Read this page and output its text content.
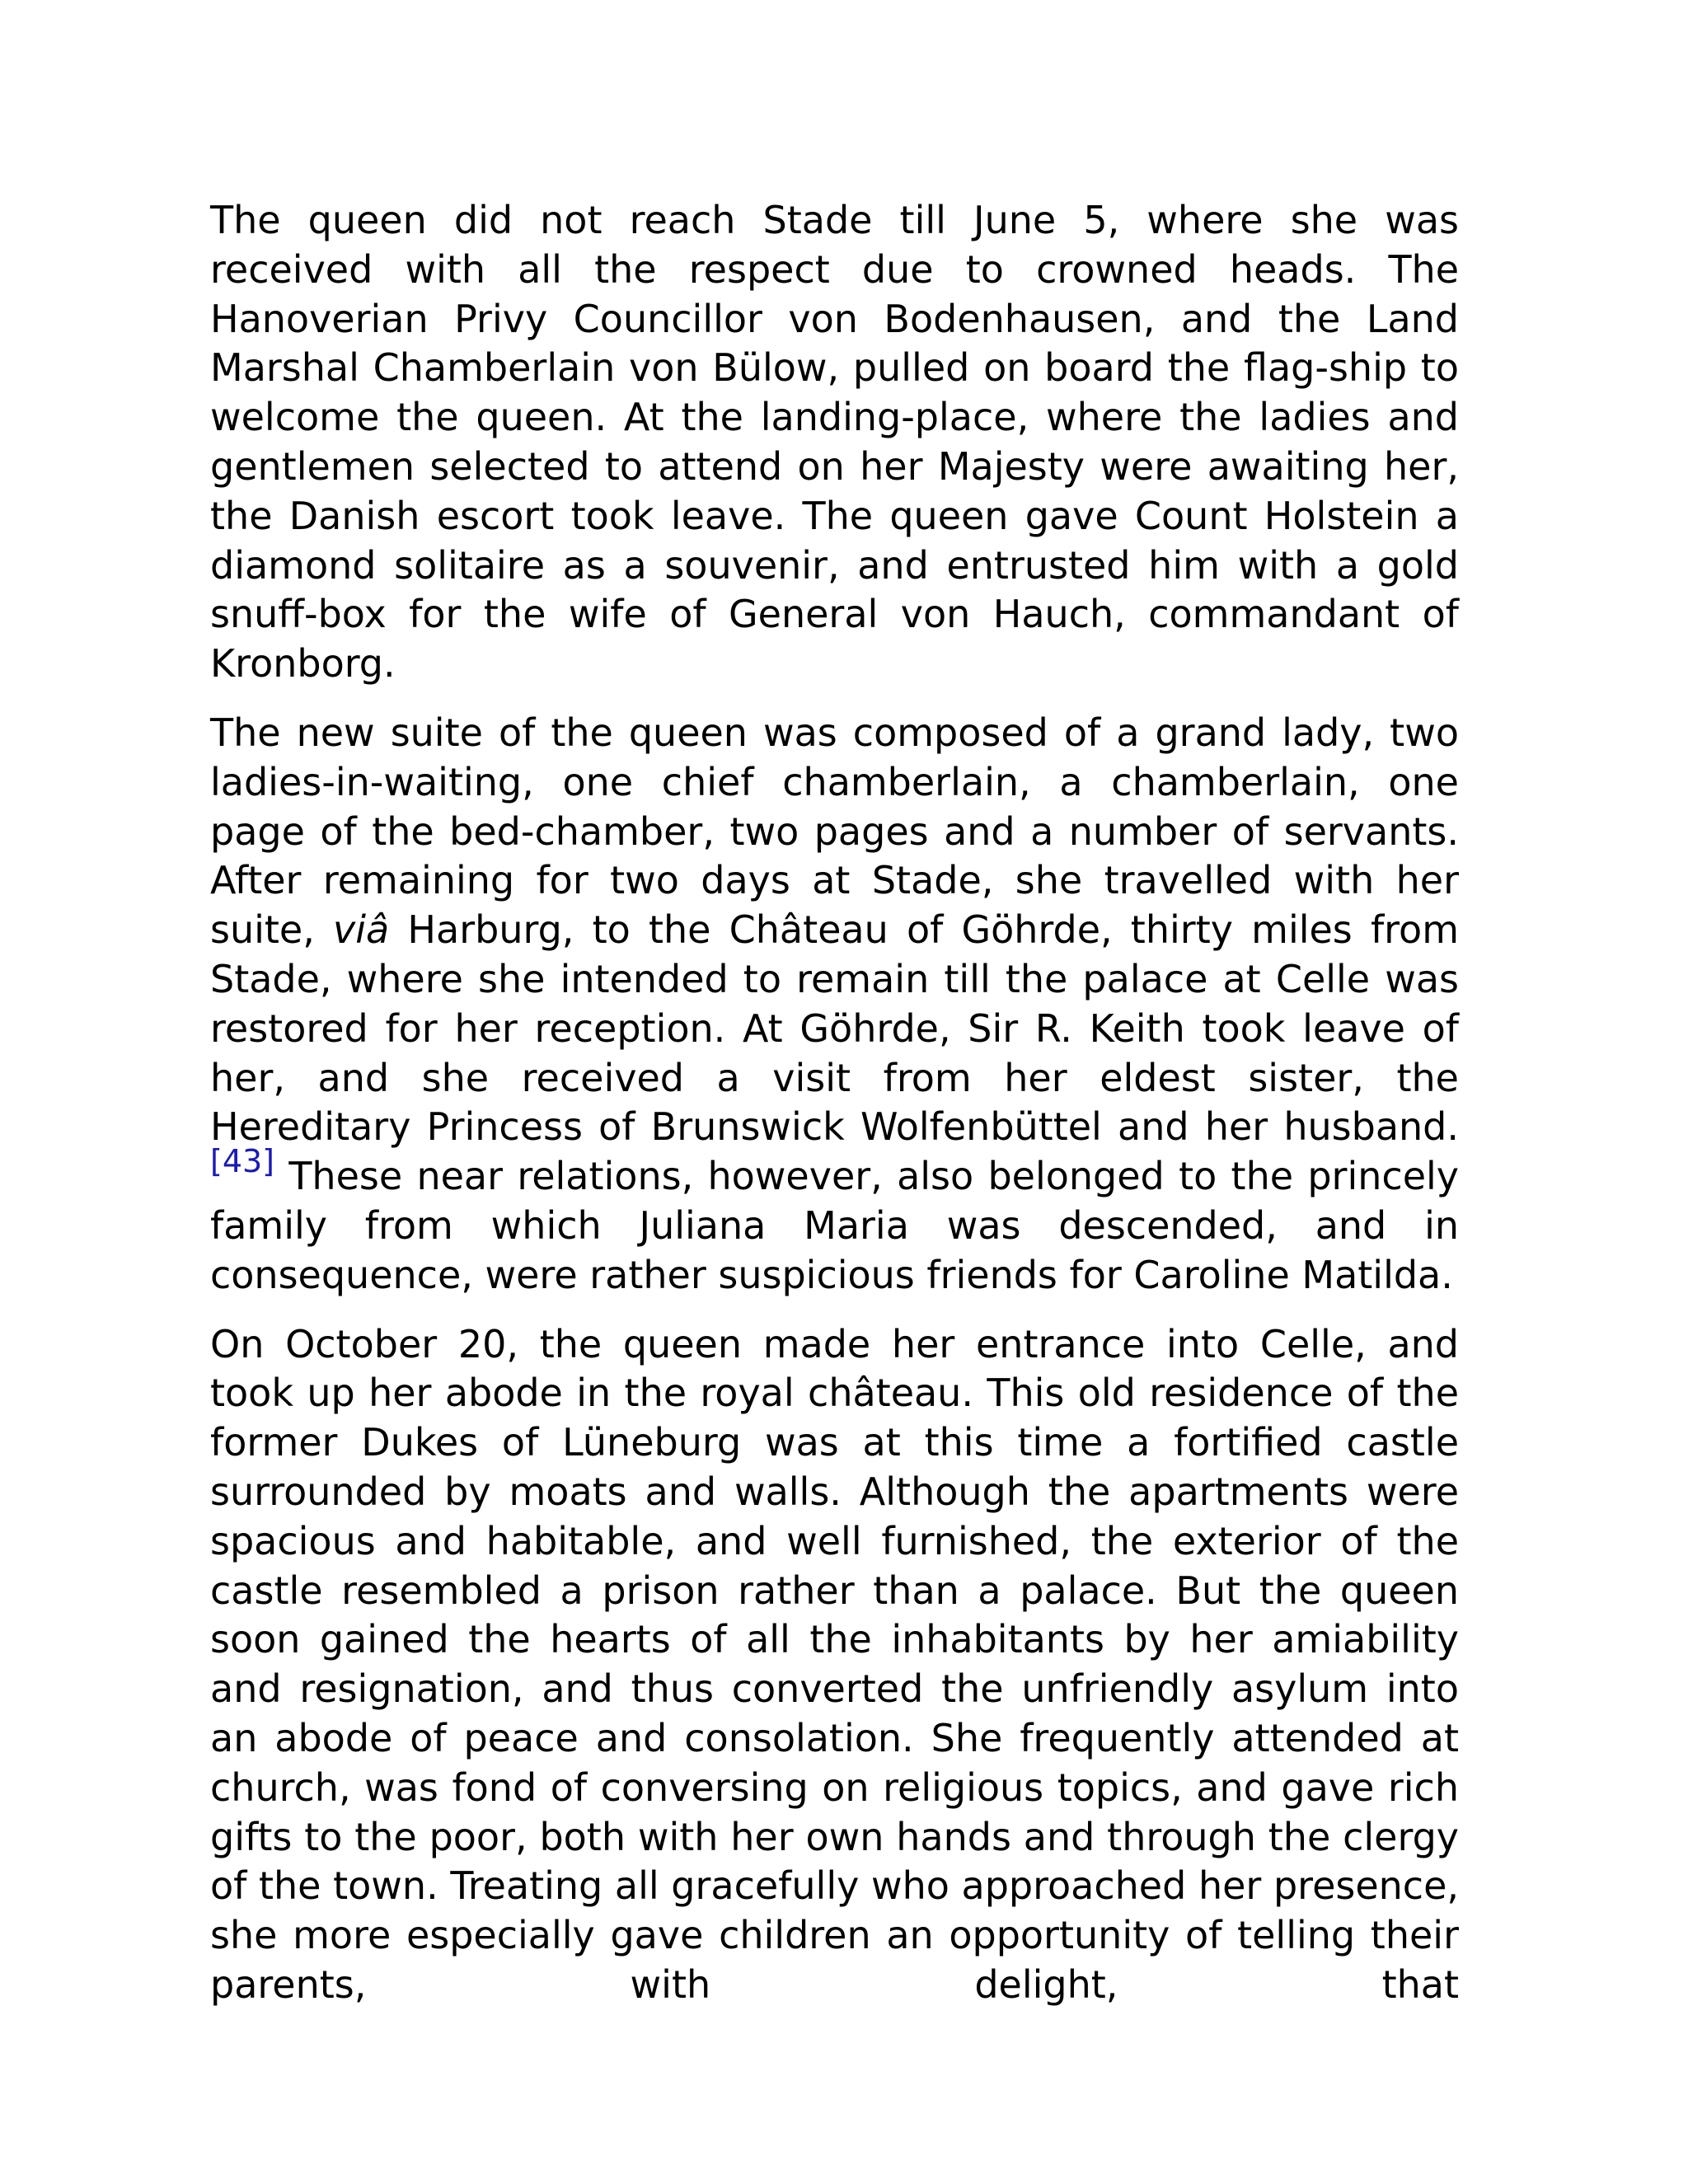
The queen did not reach Stade till June 5, where she was received with all the respect due to crowned heads. The Hanoverian Privy Councillor von Bodenhausen, and the Land Marshal Chamberlain von Bülow, pulled on board the flag-ship to welcome the queen. At the landing-place, where the ladies and gentlemen selected to attend on her Majesty were awaiting her, the Danish escort took leave. The queen gave Count Holstein a diamond solitaire as a souvenir, and entrusted him with a gold snuff-box for the wife of General von Hauch, commandant of Kronborg.

The new suite of the queen was composed of a grand lady, two ladies-in-waiting, one chief chamberlain, a chamberlain, one page of the bed-chamber, two pages and a number of servants. After remaining for two days at Stade, she travelled with her suite, viâ Harburg, to the Château of Göhrde, thirty miles from Stade, where she intended to remain till the palace at Celle was restored for her reception. At Göhrde, Sir R. Keith took leave of her, and she received a visit from her eldest sister, the Hereditary Princess of Brunswick Wolfenbüttel and her husband.[43] These near relations, however, also belonged to the princely family from which Juliana Maria was descended, and in consequence, were rather suspicious friends for Caroline Matilda.

On October 20, the queen made her entrance into Celle, and took up her abode in the royal château. This old residence of the former Dukes of Lüneburg was at this time a fortified castle surrounded by moats and walls. Although the apartments were spacious and habitable, and well furnished, the exterior of the castle resembled a prison rather than a palace. But the queen soon gained the hearts of all the inhabitants by her amiability and resignation, and thus converted the unfriendly asylum into an abode of peace and consolation. She frequently attended at church, was fond of conversing on religious topics, and gave rich gifts to the poor, both with her own hands and through the clergy of the town. Treating all gracefully who approached her presence, she more especially gave children an opportunity of telling their parents, with delight, that
